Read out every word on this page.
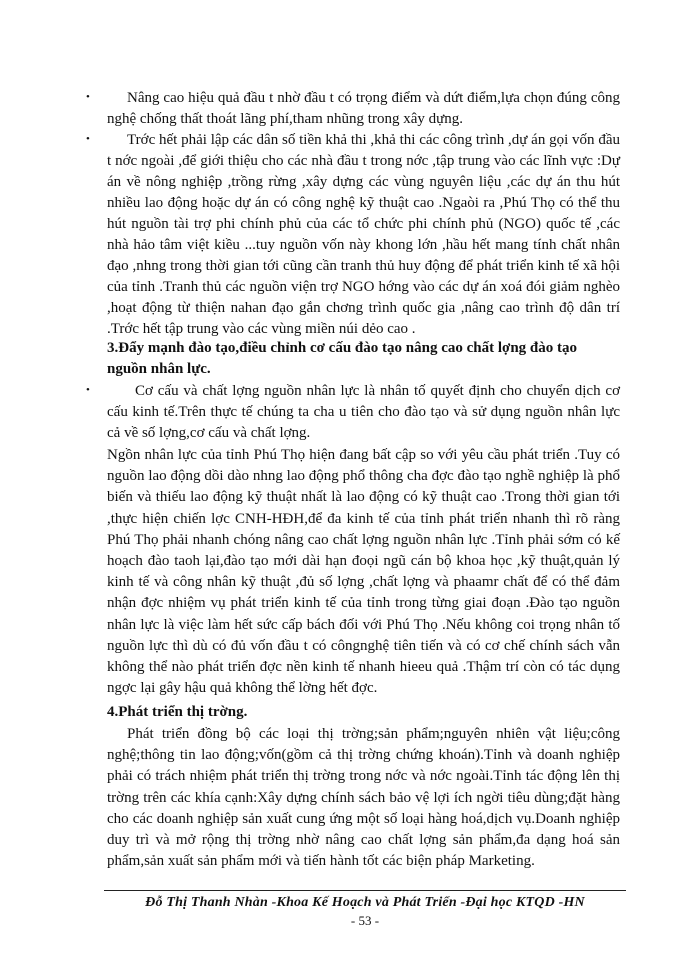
•	Nâng cao hiệu quả đầu t nhờ đầu t có trọng điểm và dứt điểm,lựa chọn đúng công nghệ chống thất thoát lãng phí,tham nhũng trong xây dựng.
•	Trớc hết phải lập các dân số tiền khả thi ,khả thi các công trình ,dự án gọi vốn đầu t nớc ngoài ,để giới thiệu cho các nhà đầu t trong nớc ,tập trung vào các lĩnh vực :Dự án về nông nghiệp ,trồng rừng ,xây dựng các vùng nguyên liệu ,các dự án thu hút nhiều lao động hoặc dự án có công nghệ kỹ thuật cao .Ngaòi ra ,Phú Thọ có thể thu hút nguồn tài trợ phi chính phủ của các tổ chức phi chính phủ (NGO) quốc tế ,các nhà hảo tâm việt kiều ...tuy nguồn vốn này khong lớn ,hầu hết mang tính chất nhân đạo ,nhng trong thời gian tới cũng cần tranh thủ huy động để phát triển kinh tế xã hội của tỉnh .Tranh thủ các nguồn viện trợ NGO hớng vào các dự án xoá đói giảm nghèo ,hoạt động từ thiện nahan đạo gắn chơng trình quốc gia ,nâng cao trình độ dân trí .Trớc hết tập trung vào các vùng miền núi dẻo cao .
3.Đẩy mạnh đào tạo,điều chỉnh cơ cấu đào tạo nâng cao chất lợng đào tạo nguồn nhân lực.
•	Cơ cấu và chất lợng nguồn nhân lực là nhân tố quyết định cho chuyển dịch cơ cấu kinh tế.Trên thực tế chúng ta cha u tiên cho đào tạo và sử dụng nguồn nhân lực cả về số lợng,cơ cấu và chất lợng.
Ngồn nhân lực của tỉnh Phú Thọ hiện đang bất cập so với yêu cầu phát triển .Tuy có nguồn lao động dồi dào nhng lao động phổ thông cha đợc đào tạo nghề nghiệp là phổ biến và thiếu lao động kỹ thuật nhất là lao động có kỹ thuật cao .Trong thời gian tới ,thực hiện chiến lợc CNH-HĐH,để đa kinh tế của tỉnh phát triển nhanh thì rõ ràng Phú Thọ phải nhanh chóng nâng cao chất lợng nguồn nhân lực .Tỉnh phải sớm có kế hoạch đào taoh lại,đào tạo mới dài hạn đoọi ngũ cán bộ khoa học ,kỹ thuật,quản lý kinh tế và công nhân kỹ thuật ,đủ số lợng ,chất lợng và phaamr chất để có thể đảm nhận đợc nhiệm vụ phát triển kinh tế của tỉnh trong từng giai đoạn .Đào tạo nguồn nhân lực là việc làm hết sức cấp bách đối với Phú Thọ .Nếu không coi trọng nhân tố nguồn lực thì dù có đủ vốn đầu t có côngnghệ tiên tiến và có cơ chế chính sách vẫn không thể nào phát triển đợc nền kinh tế nhanh hieeu quả .Thậm trí còn có tác dụng ngợc lại gây hậu quả không thể lờng hết đợc.
4.Phát triển thị trờng.
Phát triển đồng bộ các loại thị trờng;sản phẩm;nguyên nhiên vật liệu;công nghệ;thông tin lao động;vốn(gồm cả thị trờng chứng khoán).Tỉnh và doanh nghiệp phải có trách nhiệm phát triển thị trờng trong nớc và nớc ngoài.Tỉnh tác động lên thị trờng trên các khía cạnh:Xây dựng chính sách bảo vệ lợi ích ngời tiêu dùng;đặt hàng cho các doanh nghiệp sản xuất cung ứng một số loại hàng hoá,dịch vụ.Doanh nghiệp duy trì và mở rộng thị trờng nhờ nâng cao chất lợng sản phẩm,đa dạng hoá sản phẩm,sản xuất sản phẩm mới và tiến hành tốt các biện pháp Marketing.
Đỗ Thị Thanh Nhàn -Khoa Kế Hoạch và Phát Triển -Đại học KTQD -HN
- 53 -
